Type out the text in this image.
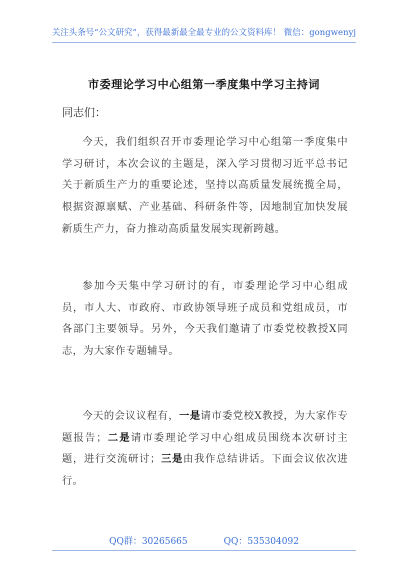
关注头条号“公文研究”，获得最新最全最专业的公文资料库！ 微信：gongwenyj
市委理论学习中心组第一季度集中学习主持词
同志们：
今天，我们组织召开市委理论学习中心组第一季度集中学习研讨，本次会议的主题是，深入学习贯彻习近平总书记关于新质生产力的重要论述，坚持以高质量发展统揽全局，根据资源禀赋、产业基础、科研条件等，因地制宜加快发展新质生产力，奋力推动高质量发展实现新跨越。
参加今天集中学习研讨的有，市委理论学习中心组成员，市人大、市政府、市政协领导班子成员和党组成员，市各部门主要领导。另外，今天我们邀请了市委党校教授X同志，为大家作专题辅导。
今天的会议议程有，一是请市委党校X教授，为大家作专题报告；二是请市委理论学习中心组成员围绕本次研讨主题，进行交流研讨；三是由我作总结讲话。下面会议依次进行。
QQ群：30265665	QQ：535304092
